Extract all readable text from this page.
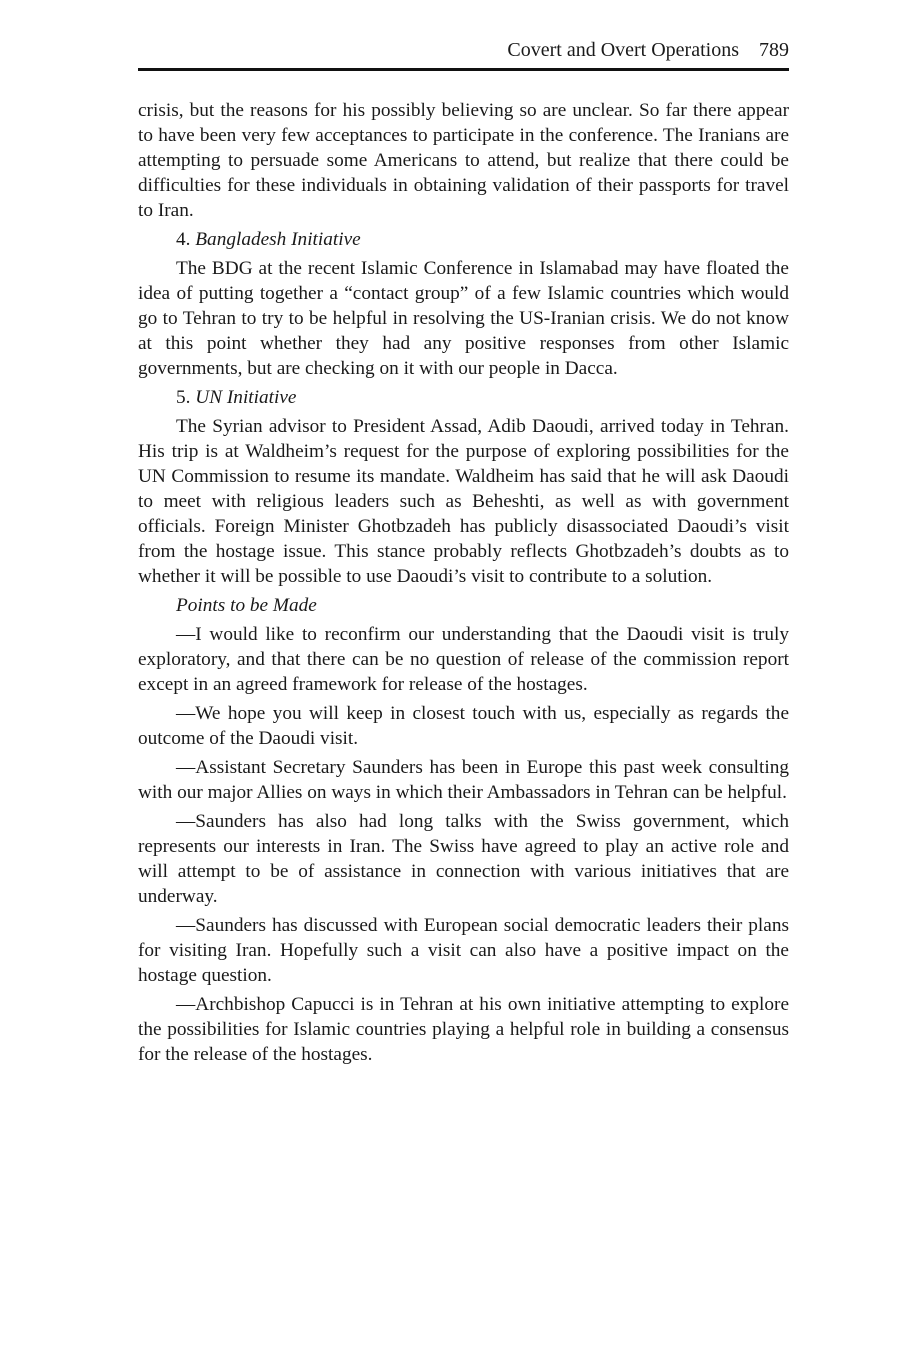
Covert and Overt Operations 789

crisis, but the reasons for his possibly believing so are unclear. So far there appear to have been very few acceptances to participate in the conference. The Iranians are attempting to persuade some Americans to attend, but realize that there could be difficulties for these individuals in obtaining validation of their passports for travel to Iran.

4. Bangladesh Initiative

The BDG at the recent Islamic Conference in Islamabad may have floated the idea of putting together a “contact group” of a few Islamic countries which would go to Tehran to try to be helpful in resolving the US-Iranian crisis. We do not know at this point whether they had any positive responses from other Islamic governments, but are checking on it with our people in Dacca.

5. UN Initiative

The Syrian advisor to President Assad, Adib Daoudi, arrived today in Tehran. His trip is at Waldheim’s request for the purpose of exploring possibilities for the UN Commission to resume its mandate. Waldheim has said that he will ask Daoudi to meet with religious leaders such as Beheshti, as well as with government officials. Foreign Minister Ghotbzadeh has publicly disassociated Daoudi’s visit from the hostage issue. This stance probably reflects Ghotbzadeh’s doubts as to whether it will be possible to use Daoudi’s visit to contribute to a solution.

Points to be Made

—I would like to reconfirm our understanding that the Daoudi visit is truly exploratory, and that there can be no question of release of the commission report except in an agreed framework for release of the hostages.

—We hope you will keep in closest touch with us, especially as regards the outcome of the Daoudi visit.

—Assistant Secretary Saunders has been in Europe this past week consulting with our major Allies on ways in which their Ambassadors in Tehran can be helpful.

—Saunders has also had long talks with the Swiss government, which represents our interests in Iran. The Swiss have agreed to play an active role and will attempt to be of assistance in connection with various initiatives that are underway.

—Saunders has discussed with European social democratic leaders their plans for visiting Iran. Hopefully such a visit can also have a positive impact on the hostage question.

—Archbishop Capucci is in Tehran at his own initiative attempting to explore the possibilities for Islamic countries playing a helpful role in building a consensus for the release of the hostages.
